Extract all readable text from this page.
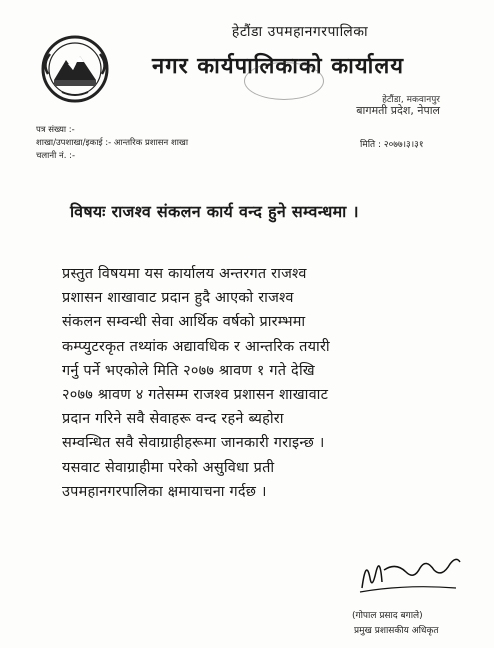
हेटौंडा उपमहानगरपालिका
नगर कार्यपालिकाको कार्यालय
हेटौंडा, मकवानपुर
बागमती प्रदेश, नेपाल
पत्र संख्या :-
शाखा/उपशाखा/इकाई :- आन्तरिक प्रशासन शाखा	मिति : २०७७।३।३१
चलानी नं. :-
विषयः राजश्व संकलन कार्य वन्द हुने सम्वन्धमा ।
प्रस्तुत विषयमा यस कार्यालय अन्तरगत राजश्व
प्रशासन शाखावाट प्रदान हुदै आएको राजश्व
संकलन सम्वन्धी सेवा आर्थिक वर्षको प्रारम्भमा
कम्प्युटरकृत तथ्यांक अद्यावधिक र आन्तरिक तयारी
गर्नु पर्ने भएकोले मिति २०७७ श्रावण १ गते देखि
२०७७ श्रावण ४ गतेसम्म राजश्व प्रशासन शाखावाट
प्रदान गरिने सवै सेवाहरू वन्द रहने ब्यहोरा
सम्वन्धित सवै सेवाग्राहीहरूमा जानकारी गराइन्छ ।
यसवाट सेवाग्राहीमा परेको असुविधा प्रती
उपमहानगरपालिका क्षमायाचना गर्दछ ।
(गोपाल प्रसाद बगाले)
प्रमुख प्रशासकीय अधिकृत
